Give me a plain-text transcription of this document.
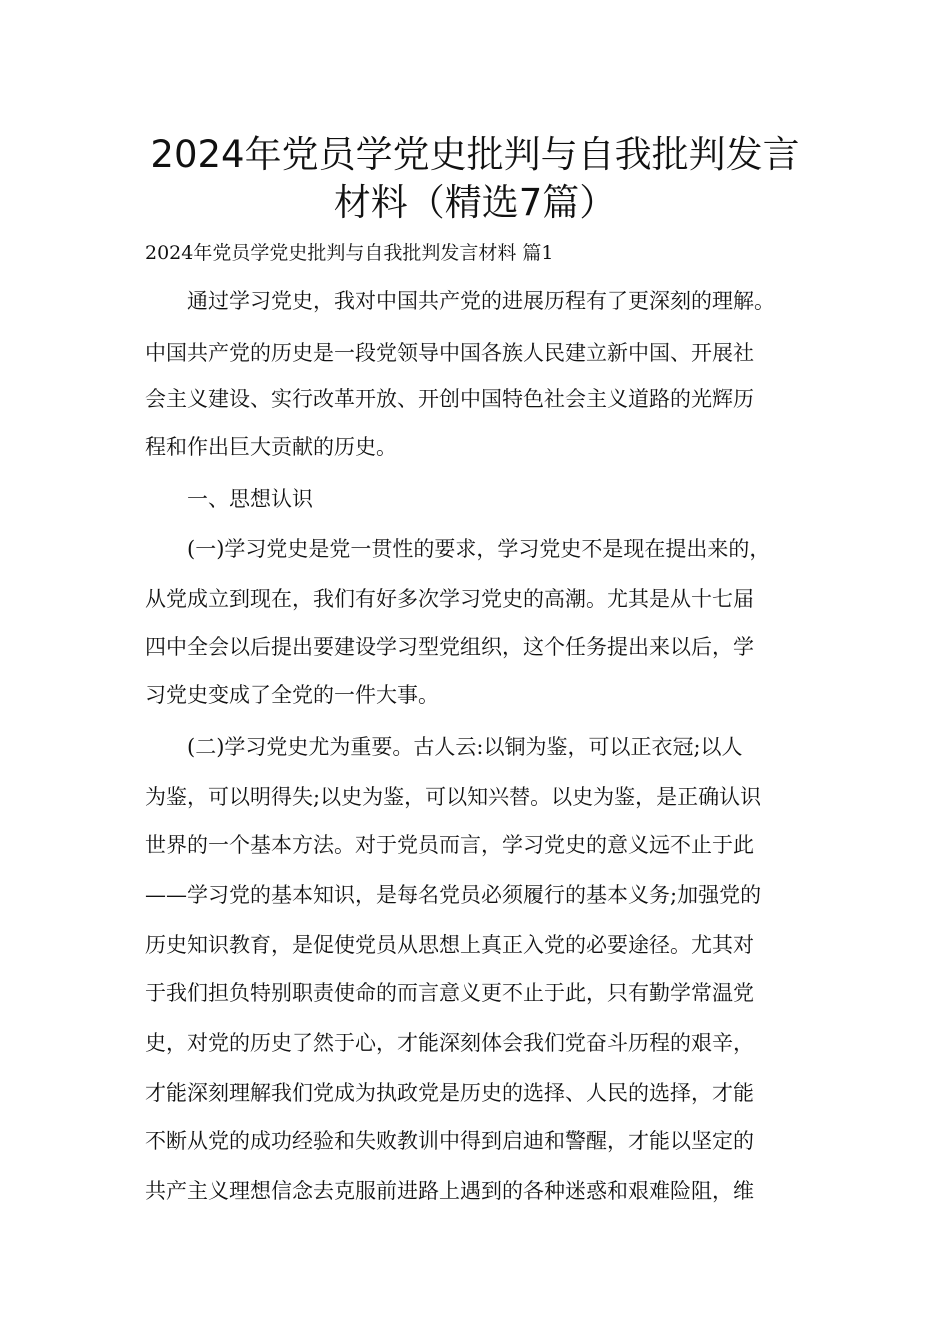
2024年党员学党史批判与自我批判发言
材料（精选7篇）
2024年党员学党史批判与自我批判发言材料 篇1
通过学习党史，我对中国共产党的进展历程有了更深刻的理解。
中国共产党的历史是一段党领导中国各族人民建立新中国、开展社
会主义建设、实行改革开放、开创中国特色社会主义道路的光辉历
程和作出巨大贡献的历史。
一、思想认识
(一)学习党史是党一贯性的要求，学习党史不是现在提出来的，
从党成立到现在，我们有好多次学习党史的高潮。尤其是从十七届
四中全会以后提出要建设学习型党组织，这个任务提出来以后，学
习党史变成了全党的一件大事。
(二)学习党史尤为重要。古人云:以铜为鉴，可以正衣冠;以人
为鉴，可以明得失;以史为鉴，可以知兴替。以史为鉴，是正确认识
世界的一个基本方法。对于党员而言，学习党史的意义远不止于此
——学习党的基本知识，是每名党员必须履行的基本义务;加强党的
历史知识教育，是促使党员从思想上真正入党的必要途径。尤其对
于我们担负特别职责使命的而言意义更不止于此，只有勤学常温党
史，对党的历史了然于心，才能深刻体会我们党奋斗历程的艰辛，
才能深刻理解我们党成为执政党是历史的选择、人民的选择，才能
不断从党的成功经验和失败教训中得到启迪和警醒，才能以坚定的
共产主义理想信念去克服前进路上遇到的各种迷惑和艰难险阻，维
